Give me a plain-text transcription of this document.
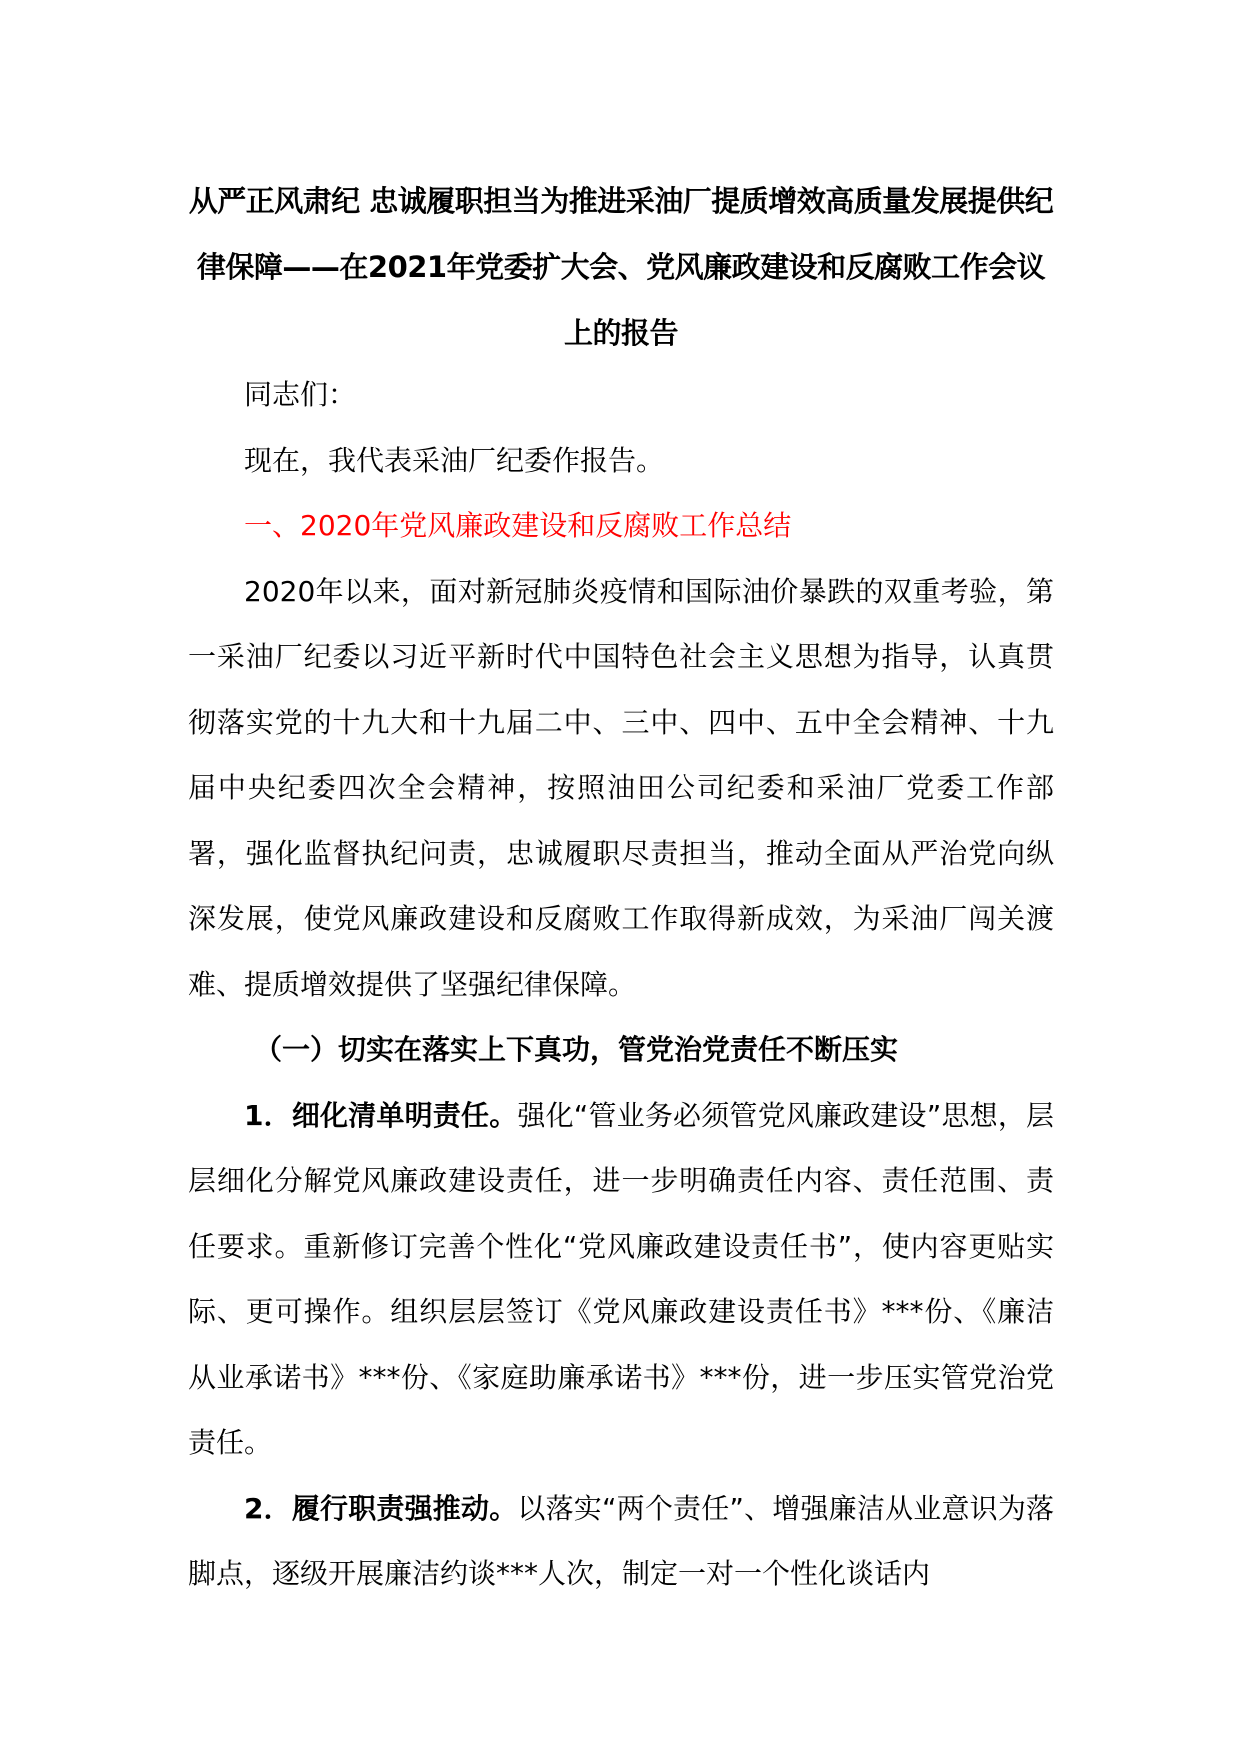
从严正风肃纪 忠诚履职担当为推进采油厂提质增效高质量发展提供纪律保障——在2021年党委扩大会、党风廉政建设和反腐败工作会议上的报告

同志们：

现在，我代表采油厂纪委作报告。

一、2020年党风廉政建设和反腐败工作总结

2020年以来，面对新冠肺炎疫情和国际油价暴跌的双重考验，第一采油厂纪委以习近平新时代中国特色社会主义思想为指导，认真贯彻落实党的十九大和十九届二中、三中、四中、五中全会精神、十九届中央纪委四次全会精神，按照油田公司纪委和采油厂党委工作部署，强化监督执纪问责，忠诚履职尽责担当，推动全面从严治党向纵深发展，使党风廉政建设和反腐败工作取得新成效，为采油厂闯关渡难、提质增效提供了坚强纪律保障。

（一）切实在落实上下真功，管党治党责任不断压实

1．细化清单明责任。强化“管业务必须管党风廉政建设”思想，层层细化分解党风廉政建设责任，进一步明确责任内容、责任范围、责任要求。重新修订完善个性化“党风廉政建设责任书”，使内容更贴实际、更可操作。组织层层签订《党风廉政建设责任书》***份、《廉洁从业承诺书》***份、《家庭助廉承诺书》***份，进一步压实管党治党责任。

2．履行职责强推动。以落实“两个责任”、增强廉洁从业意识为落脚点，逐级开展廉洁约谈***人次，制定一对一个性化谈话内
